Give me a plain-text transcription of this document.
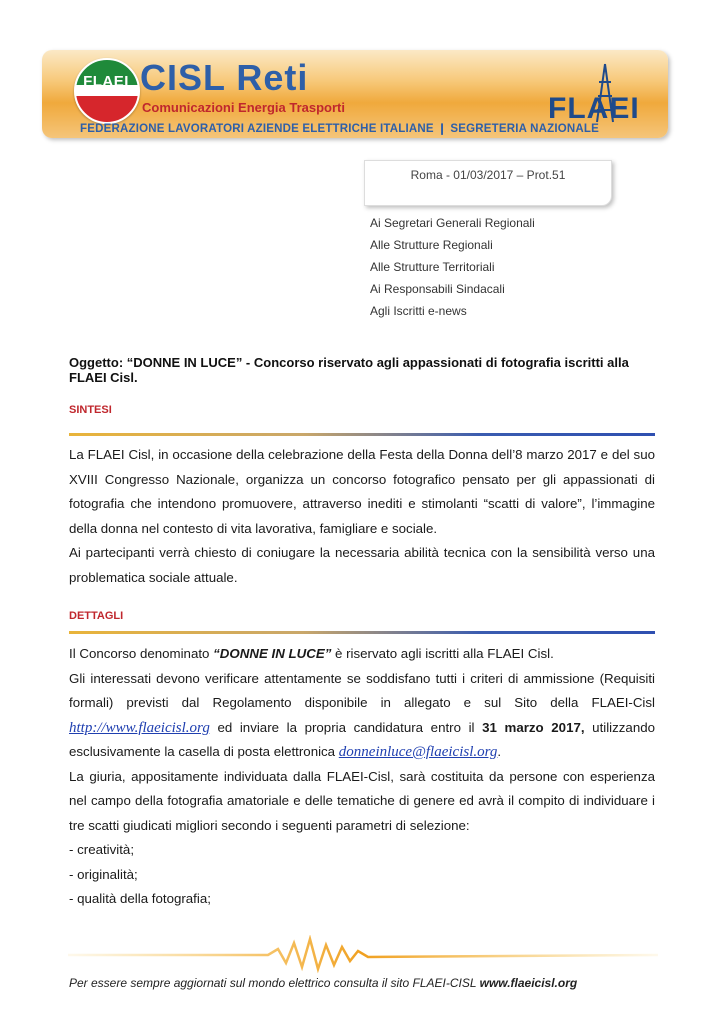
FLAEI CISL Reti
Comunicazioni Energia Trasporti
FEDERAZIONE LAVORATORI AZIENDE ELETTRICHE ITALIANE ❙ SEGRETERIA NAZIONALE
FLAEI
Roma - 01/03/2017 – Prot.51
Ai Segretari Generali Regionali
Alle Strutture Regionali
Alle Strutture Territoriali
Ai Responsabili Sindacali
Agli Iscritti e-news
Oggetto: “DONNE IN LUCE” - Concorso riservato agli appassionati di fotografia iscritti alla FLAEI Cisl.
SINTESI
La FLAEI Cisl, in occasione della celebrazione della Festa della Donna dell’8 marzo 2017 e del suo XVIII Congresso Nazionale, organizza un concorso fotografico pensato per gli appassionati di fotografia che intendono promuovere, attraverso inediti e stimolanti “scatti di valore”, l’immagine della donna nel contesto di vita lavorativa, famigliare e sociale.
Ai partecipanti verrà chiesto di coniugare la necessaria abilità tecnica con la sensibilità verso una problematica sociale attuale.
DETTAGLI
Il Concorso denominato “DONNE IN LUCE” è riservato agli iscritti alla FLAEI Cisl.
Gli interessati devono verificare attentamente se soddisfano tutti i criteri di ammissione (Requisiti formali) previsti dal Regolamento disponibile in allegato e sul Sito della FLAEI-Cisl http://www.flaeicisl.org ed inviare la propria candidatura entro il 31 marzo 2017, utilizzando esclusivamente la casella di posta elettronica donneinluce@flaeicisl.org.
La giuria, appositamente individuata dalla FLAEI-Cisl, sarà costituita da persone con esperienza nel campo della fotografia amatoriale e delle tematiche di genere ed avrà il compito di individuare i tre scatti giudicati migliori secondo i seguenti parametri di selezione:
- creatività;
- originalità;
- qualità della fotografia;
Per essere sempre aggiornati sul mondo elettrico consulta il sito FLAEI-CISL www.flaeicisl.org
